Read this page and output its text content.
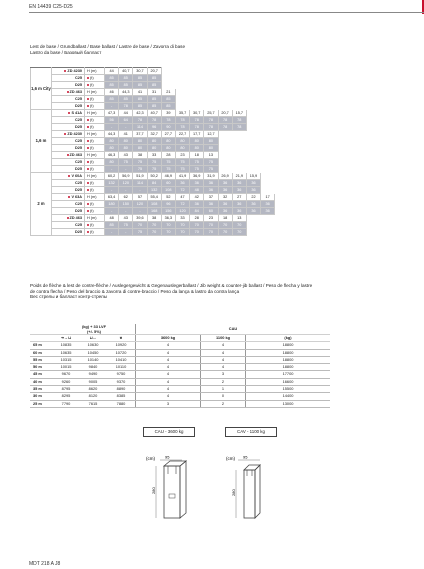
EN 14439 C25-D25
Lest de base / Grundballast / Base ballast / Lastre de base / Zavorra di base
Lastro da base / Базовый балласт
1,6 m City	ZD 4230	H (m)	44	40,7	30,7	20,7								
	C25	(t)	85	85	85	85								
	D25	(t)	85	85	85	85								
	ZD 463	H (m)	46	44,3	41	31	21							
	C25	(t)	85	85	85	85	85							
	D25	(t)	-	78	85	85	85							
1,6 m	S 41A	H (m)	47,3	44	42,3	40,7	39	35,7	30,7	25,7	20,7	15,7		
	C25	(t)	56	64	78	78	78	78	78	78	78	78		
	D25	(t)	-	-	114	96	90	78	78	78	78	78		
	ZD 4230	H (m)	44,3	41	37,7	32,7	27,7	22,7	17,7	12,7				
	C25	(t)	80	80	80	80	80	80	80	80				
	D25	(t)	80	80	80	80	80	80	80	80				
	ZD 463	H (m)	46,3	43	38	33	28	23	18	13				
	C25	(t)	80	75	75	75	75	75	75	75				
	D25	(t)	-	-	75	75	75	75	75	75				
2 m	V 60A	H (m)	60,2	56,9	51,9	50,2	46,9	41,9	36,9	31,9	26,9	21,9	15,9	
	C25	(t)	132	120	114	84	60	36	36	36	36	36	36	
	D25	(t)	-	-	-	132	108	72	48	36	36	36	36	
	V 63A	H (m)	63,4	62	57	55,4	52	47	42	37	32	27	22	17
	C25	(t)	180	150	120	108	96	72	36	36	36	36	36	36
	D25	(t)	-	-	-	168	156	120	84	60	36	36	36	36
	ZD 463	H (m)	48	43	39,6	38	36,3	33	28	23	18	13		
	C25	(t)	85	75	70	70	70	70	70	70	70	70		
	D25	(t)	-	-	75	70	70	70	70	70	70	70		
Poids de flèche & lest de contre-flèche / Auslegergewicht & Gegenauslegerballast / Jib weight & counter-jib ballast / Peso de flecha y lastre
de contra flecha / Peso del braccio & zavorra di contre-braccio / Peso da lança & lastro da contra lança
Вес стрелы и балласт контр-стрелы

	(kg) + 33 LVF
(+/- 5%)			CAU		
	⇸→⊔	⊔↔	⊍	3600 kg	1100 kg	(kg)
65 m	10835	10630	10920	4	4	18800
60 m	10635	10450	10720	4	4	18800
55 m	10315	10140	10410	4	4	18800
50 m	10015	9840	10110	4	4	18800
45 m	9670	9490	9750	4	3	17700
40 m	9260	9005	9370	4	2	16600
35 m	8795	8620	8890	4	1	15500
30 m	8295	8120	8385	4	0	14400
25 m	7790	7615	7880	3	2	13000
CAU - 3600 kg	CAV - 1100 kg
(cm)	95
280
(cm) 95
280
MDT 218 A J8
